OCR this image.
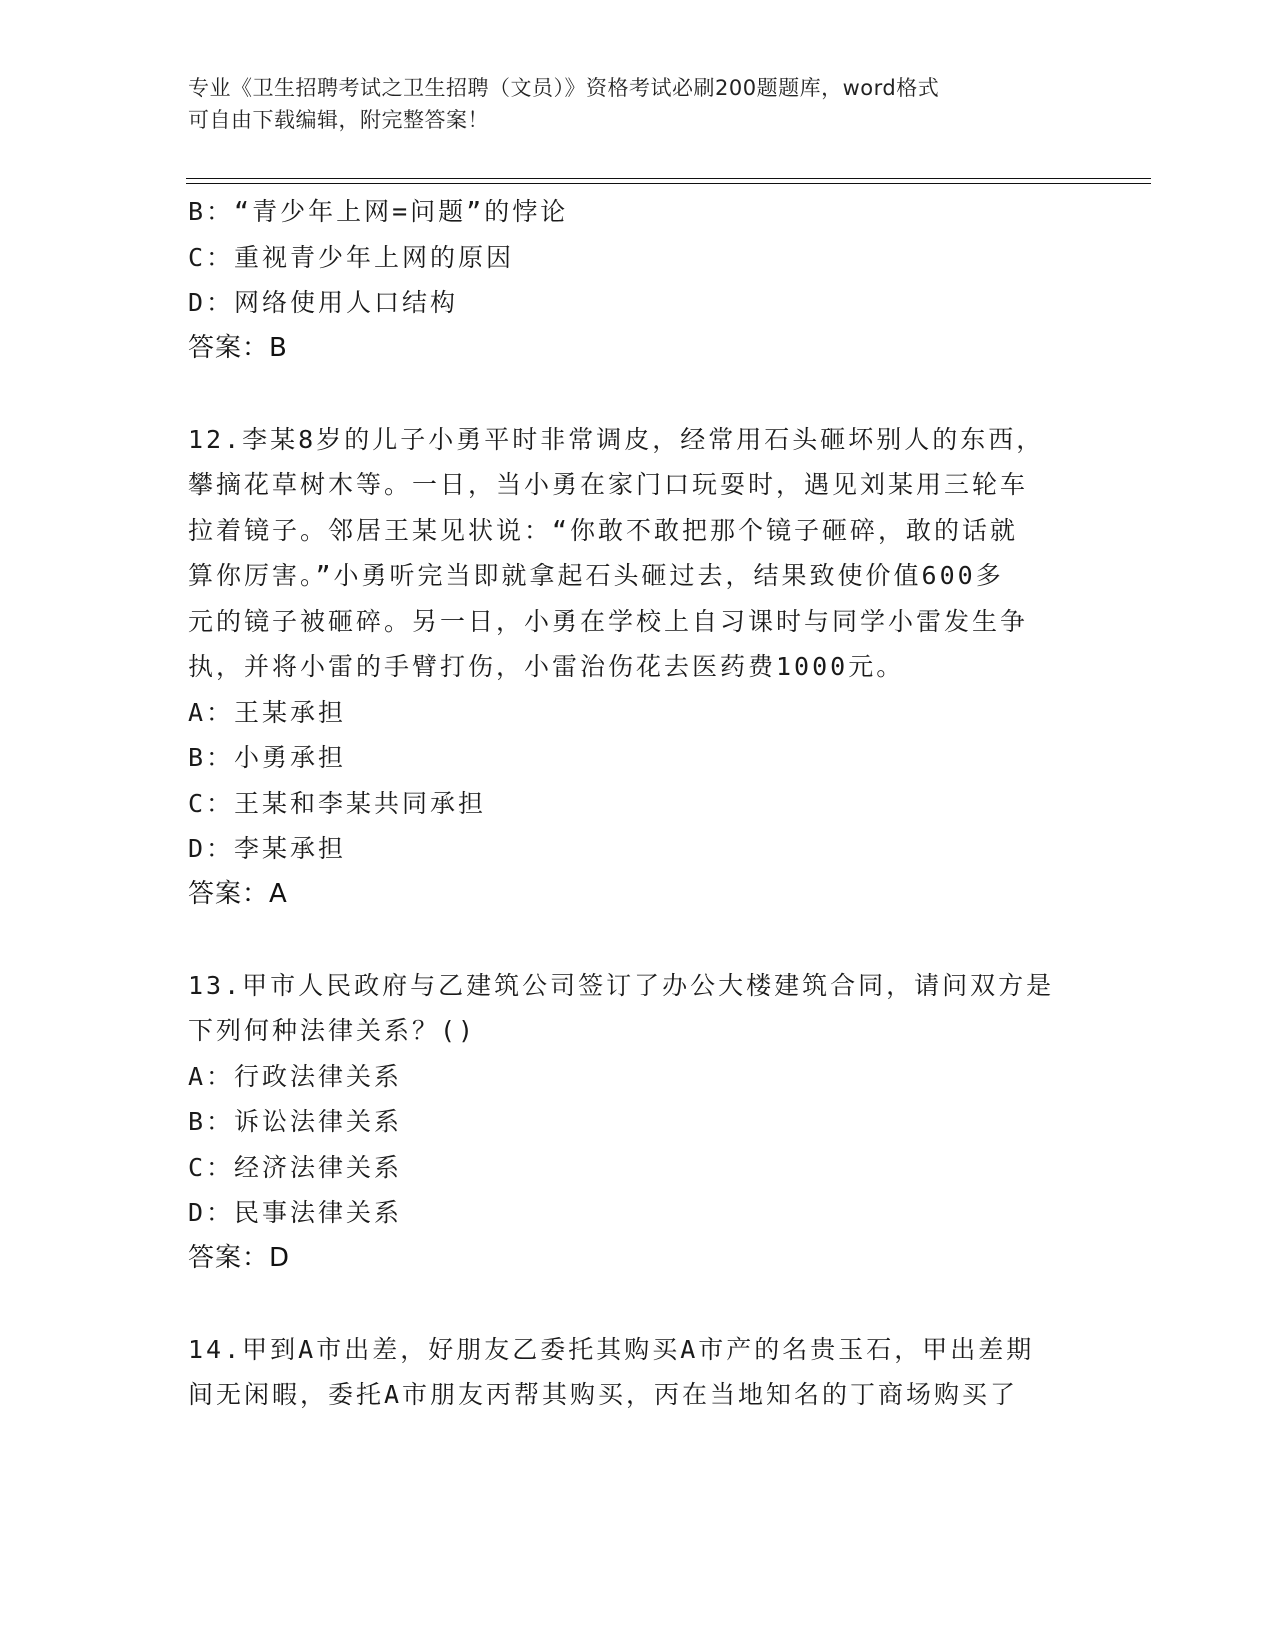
专业《卫生招聘考试之卫生招聘（文员）》资格考试必刷200题题库，word格式
可自由下载编辑，附完整答案！

B：“青少年上网=问题”的悖论

C：重视青少年上网的原因

D：网络使用人口结构

答案：B

12.李某8岁的儿子小勇平时非常调皮，经常用石头砸坏别人的东西，

攀摘花草树木等。一日，当小勇在家门口玩耍时，遇见刘某用三轮车

拉着镜子。邻居王某见状说：“你敢不敢把那个镜子砸碎，敢的话就

算你厉害。”小勇听完当即就拿起石头砸过去，结果致使价值600多

元的镜子被砸碎。另一日，小勇在学校上自习课时与同学小雷发生争

执，并将小雷的手臂打伤，小雷治伤花去医药费1000元。

A：王某承担

B：小勇承担

C：王某和李某共同承担

D：李某承担

答案：A

13.甲市人民政府与乙建筑公司签订了办公大楼建筑合同，请问双方是

下列何种法律关系？()

A：行政法律关系

B：诉讼法律关系

C：经济法律关系

D：民事法律关系

答案：D

14.甲到A市出差，好朋友乙委托其购买A市产的名贵玉石，甲出差期

间无闲暇，委托A市朋友丙帮其购买，丙在当地知名的丁商场购买了
